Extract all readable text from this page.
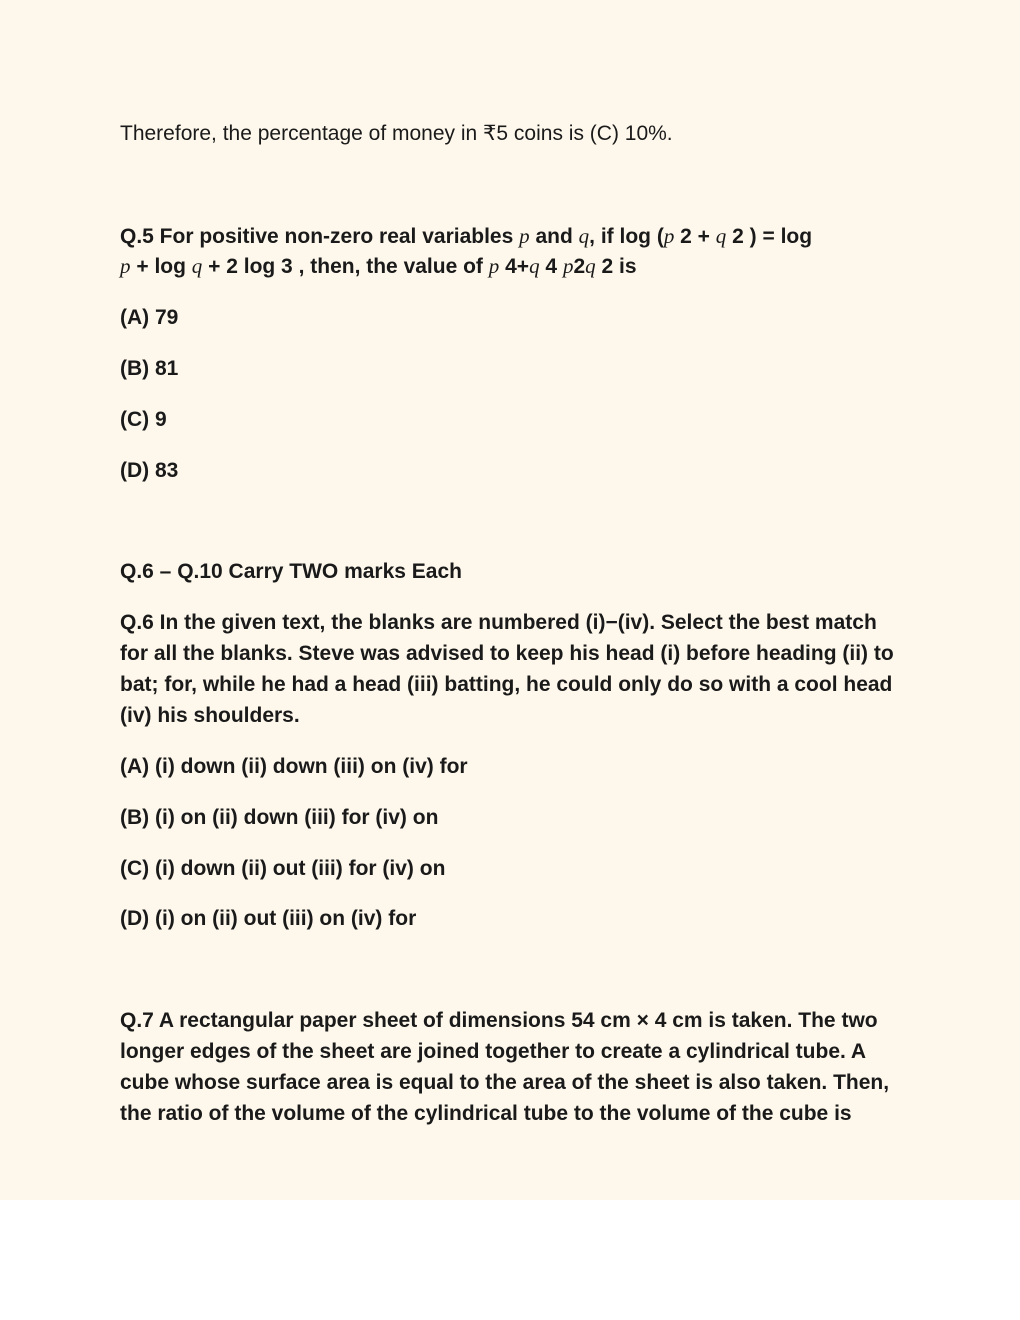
Therefore, the percentage of money in ₹5 coins is (C) 10%.
Q.5 For positive non-zero real variables p and q, if log (p 2 + q 2 ) = log
p + log q + 2 log 3 , then, the value of p 4+q 4 p2q 2 is
(A) 79
(B) 81
(C) 9
(D) 83
Q.6 – Q.10 Carry TWO marks Each
Q.6 In the given text, the blanks are numbered (i)−(iv). Select the best match for all the blanks. Steve was advised to keep his head (i) before heading (ii) to bat; for, while he had a head (iii) batting, he could only do so with a cool head (iv) his shoulders.
(A) (i) down (ii) down (iii) on (iv) for
(B) (i) on (ii) down (iii) for (iv) on
(C) (i) down (ii) out (iii) for (iv) on
(D) (i) on (ii) out (iii) on (iv) for
Q.7 A rectangular paper sheet of dimensions 54 cm × 4 cm is taken. The two longer edges of the sheet are joined together to create a cylindrical tube. A cube whose surface area is equal to the area of the sheet is also taken. Then, the ratio of the volume of the cylindrical tube to the volume of the cube is
